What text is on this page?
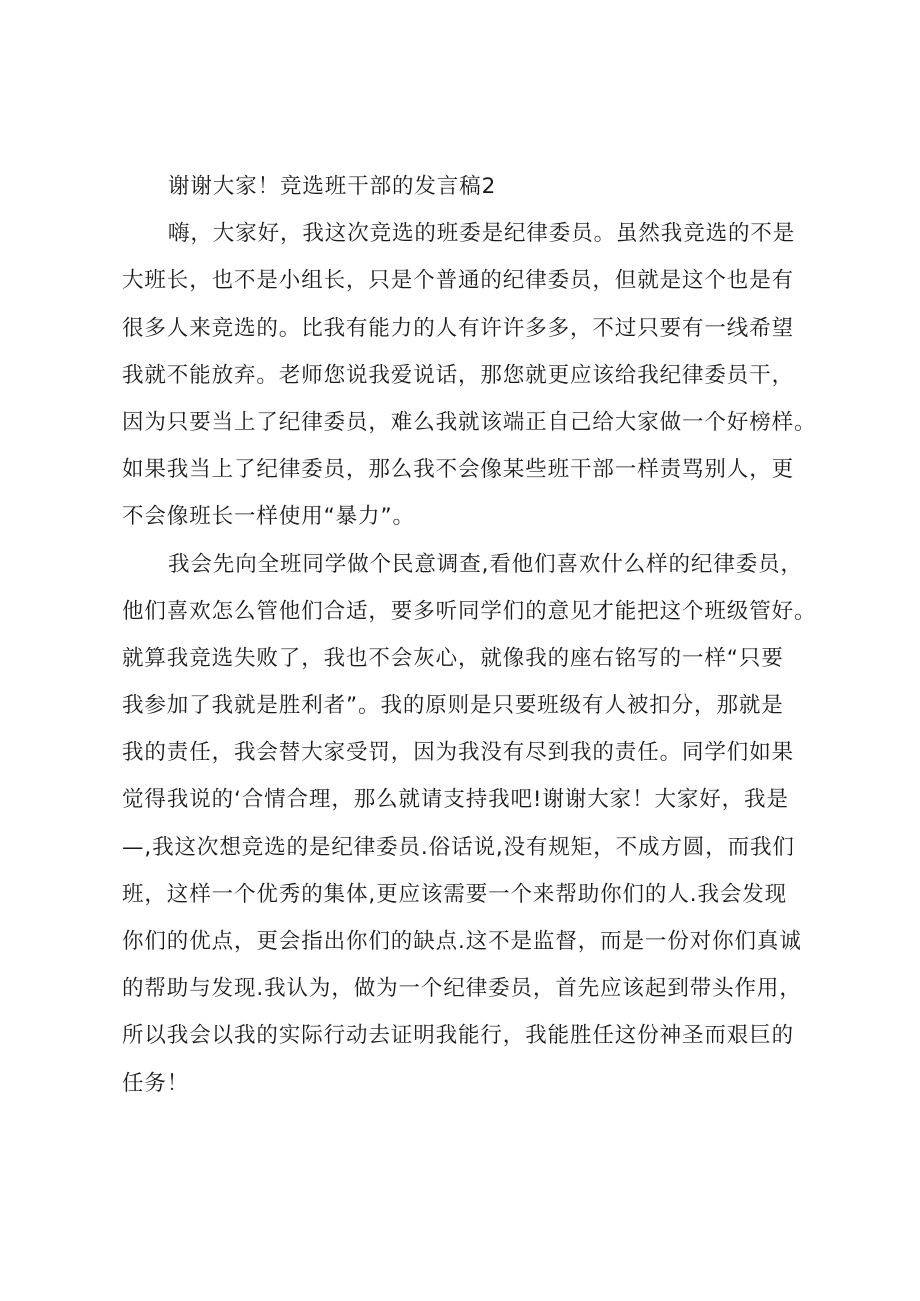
谢谢大家！竞选班干部的发言稿2
嗨，大家好，我这次竞选的班委是纪律委员。虽然我竞选的不是
大班长，也不是小组长，只是个普通的纪律委员，但就是这个也是有
很多人来竞选的。比我有能力的人有许许多多，不过只要有一线希望
我就不能放弃。老师您说我爱说话，那您就更应该给我纪律委员干，
因为只要当上了纪律委员，难么我就该端正自己给大家做一个好榜样。
如果我当上了纪律委员，那么我不会像某些班干部一样责骂别人，更
不会像班长一样使用“暴力”。
我会先向全班同学做个民意调查,看他们喜欢什么样的纪律委员，
他们喜欢怎么管他们合适，要多听同学们的意见才能把这个班级管好。
就算我竞选失败了，我也不会灰心，就像我的座右铭写的一样“只要
我参加了我就是胜利者”。我的原则是只要班级有人被扣分，那就是
我的责任，我会替大家受罚，因为我没有尽到我的责任。同学们如果
觉得我说的‘合情合理，那么就请支持我吧!谢谢大家！大家好，我是
—,我这次想竞选的是纪律委员.俗话说,没有规矩，不成方圆，而我们
班，这样一个优秀的集体,更应该需要一个来帮助你们的人.我会发现
你们的优点，更会指出你们的缺点.这不是监督，而是一份对你们真诚
的帮助与发现.我认为，做为一个纪律委员，首先应该起到带头作用，
所以我会以我的实际行动去证明我能行，我能胜任这份神圣而艰巨的
任务！
